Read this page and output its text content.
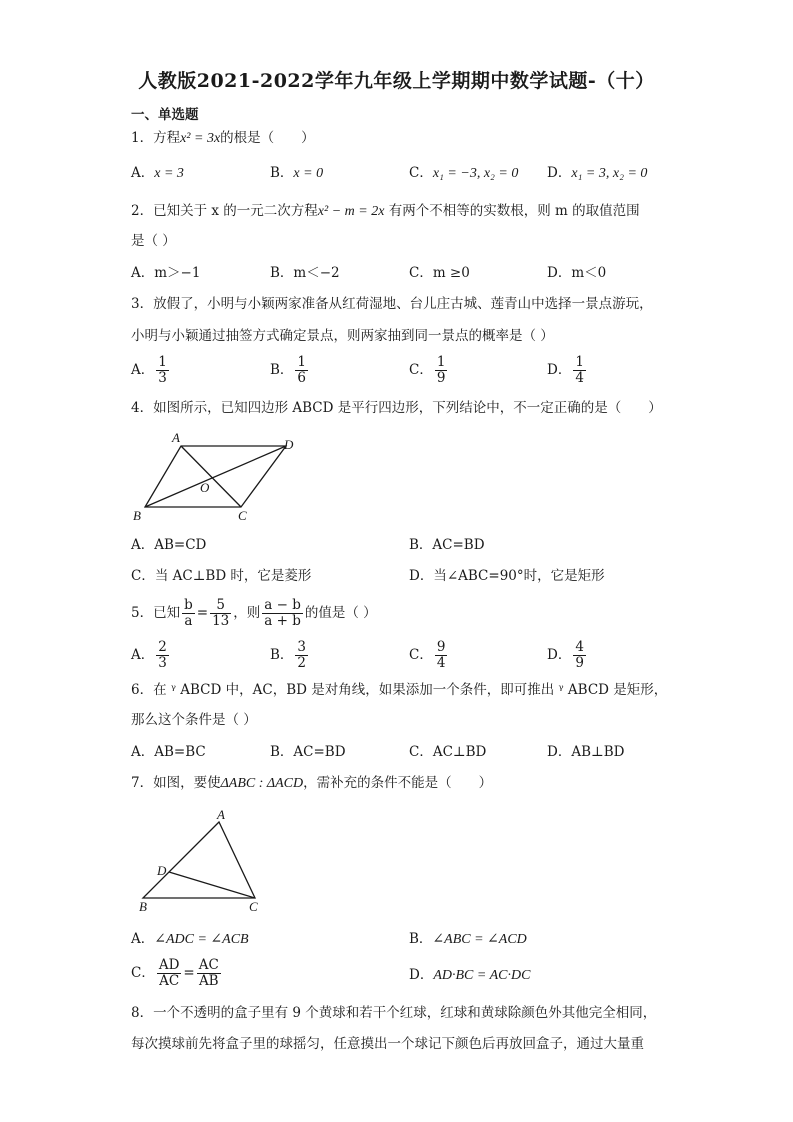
人教版2021-2022学年九年级上学期期中数学试题-（十）
一、单选题
1．方程x² = 3x的根是（　　）
A．x = 3	B．x = 0	C．x₁ = −3, x₂ = 0 D．x₁ = 3, x₂ = 0
2．已知关于 x 的一元二次方程x² − m = 2x 有两个不相等的实数根，则 m 的取值范围
是（ ）
A．m＞−1	B．m＜−2	C．m ≥0	D．m＜0
3．放假了，小明与小颖两家准备从红荷湿地、台儿庄古城、莲青山中选择一景点游玩，
小明与小颖通过抽签方式确定景点，则两家抽到同一景点的概率是（ ）
A． $\frac{1}{3}$	B． $\frac{1}{6}$	C． $\frac{1}{9}$	D． $\frac{1}{4}$
4．如图所示，已知四边形 ABCD 是平行四边形，下列结论中，不一定正确的是（　　）
A	D
O
B	C
A．AB=CD	B．AC=BD
C．当 AC⊥BD 时，它是菱形	D．当∠ABC=90°时，它是矩形
5．已知 $\frac{b}{a} = \frac{5}{13}$ ，则 $\frac{a - b}{a + b}$ 的值是（ ）
A． $\frac{2}{3}$	B． $\frac{3}{2}$	C． $\frac{9}{4}$	D． $\frac{4}{9}$
6．在 ᵞ ABCD 中，AC，BD 是对角线，如果添加一个条件，即可推出 ᵞ ABCD 是矩形，
那么这个条件是（ ）
A．AB=BC	B．AC=BD	C．AC⊥BD	D．AB⊥BD
7．如图，要使ΔABC : ΔACD，需补充的条件不能是（　　）
A
D
B	C
A．∠ADC = ∠ACB	B．∠ABC = ∠ACD
C． $\frac{AD}{AC} = \frac{AC}{AB}$	D．AD·BC = AC·DC
8．一个不透明的盒子里有 9 个黄球和若干个红球，红球和黄球除颜色外其他完全相同，
每次摸球前先将盒子里的球摇匀，任意摸出一个球记下颜色后再放回盒子，通过大量重
